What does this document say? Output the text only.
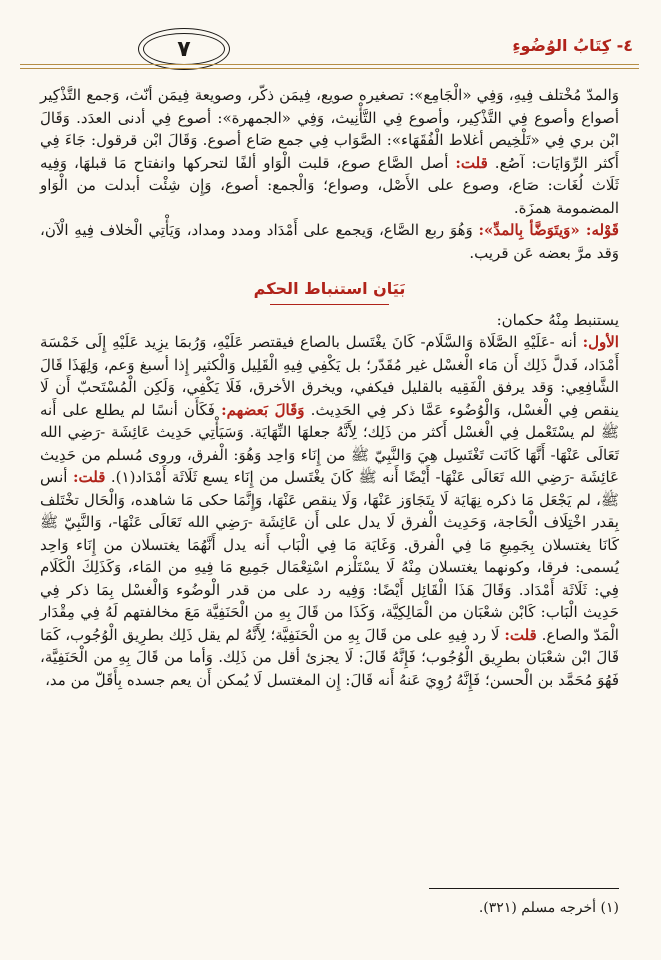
٤- كِتَابُ الوُضُوءِ
٧

وَالمدّ مُخْتلف فِيهِ، وَفِي «الْجَامِع»: تصغيره صويع، فِيمَن ذكّر، وصويعة فِيمَن أنّث، وَجمع التَّذْكِير أصواع وأصوع فِي التَّذْكِير، وأصوع فِي التَّأْنِيث، وَفِي «الجمهرة»: أصوع فِي أدنى العدَد. وَقَالَ ابْن بري فِي «تَلْخِيص أغلاط الْفُقَهَاء»: الصَّوَاب فِي جمع صَاع أصوع. وَقَالَ ابْن قرقول: جَاءَ فِي أَكثر الرِّوَايَات: آصُع. قلت: أصل الصَّاع صوع، قلبت الْوَاو ألفًا لتحركها وانفتاح مَا قبلهَا، وَفِيه ثَلَاث لُغَات: صَاع، وصوع على الأَصْل، وصواع؛ وَالْجمع: أصوع، وَإِن شِئْت أبدلت من الْوَاو المضمومة همزَة.

قَوْله: «وَيتَوَضَّأ بِالمدِّ»: وَهُوَ ربع الصَّاع، وَيجمع على أَمْدَاد ومدد ومداد، وَيَأْتِي الْخلاف فِيهِ الْآن، وَقد مرَّ بعضه عَن قريب.

بَيَان استنباط الحكم

يستنبط مِنْهُ حكمان:

الأول: أنه -عَلَيْهِ الصَّلَاة وَالسَّلَام- كَانَ يغْتَسل بالصاع فيقتصر عَلَيْهِ، وَرُبمَا يزِيد عَلَيْهِ إِلَى خَمْسَة أَمْدَاد، فَدلَّ ذَلِك أَن مَاء الْغسْل غير مُقَدّر؛ بل يَكْفِي فِيهِ الْقَلِيل وَالْكثير إِذا أسبغ وَعم، وَلِهَذَا قَالَ الشَّافِعِي: وَقد يرفق الْفَقِيه بالقليل فيكفي، ويخرق الأخرق، فَلَا يَكْفِي، وَلَكِن الْمُسْتَحبّ أَن لَا ينقص فِي الْغسْل، وَالْوُضُوء عَمَّا ذكر فِي الحَدِيث. وَقَالَ بَعضهم: فَكَأَن أنسًا لم يطلع على أَنه ﷺ لم يسْتَعْمل فِي الْغسْل أَكثر من ذَلِك؛ لِأَنَّهُ جعلهَا النِّهَايَة. وَسَيَأْتِي حَدِيث عَائِشَة -رَضِي الله تَعَالَى عَنْهَا- أَنَّهَا كَانَت تَغْتَسِل هِيَ وَالنَّبِيّ ﷺ من إِنَاء وَاحِد وَهُوَ: الْفرق، وروى مُسلم من حَدِيث عَائِشَة -رَضِي الله تَعَالَى عَنْهَا- أَيْضًا أَنه ﷺ كَانَ يغْتَسل من إِنَاء يسع ثَلَاثَة أَمْدَاد(١). قلت: أنس ﷺ، لم يَجْعَل مَا ذكره نِهَايَة لَا يتَجَاوَز عَنْهَا، وَلَا ينقص عَنْهَا، وَإِنَّمَا حكى مَا شاهده، وَالْحَال تخْتَلف بِقدر اخْتِلَاف الْحَاجة، وَحَدِيث الْفرق لَا يدل على أَن عَائِشَة -رَضِي الله تَعَالَى عَنْهَا-، وَالنَّبِيّ ﷺ كَانَا يغتسلان بِجَمِيعِ مَا فِي الْفرق. وَغَايَة مَا فِي الْبَاب أَنه يدل أَنَّهُمَا يغتسلان من إِنَاء وَاحِد يُسمى: فرقا، وكونهما يغتسلان مِنْهُ لَا يسْتَلْزم اسْتِعْمَال جَمِيع مَا فِيهِ من المَاء، وَكَذَلِكَ الْكَلَام فِي: ثَلَاثَة أَمْدَاد. وَقَالَ هَذَا الْقَائِل أَيْضًا: وَفِيه رد على من قدر الْوضُوء وَالْغسْل بِمَا ذكر فِي حَدِيث الْبَاب: كَابْن شعْبَان من الْمَالِكِيَّة، وَكَذَا من قَالَ بِهِ من الْحَنَفِيَّة مَعَ مخالفتهم لَهُ فِي مِقْدَار الْمَدّ والصاع. قلت: لَا رد فِيهِ على من قَالَ بِهِ من الْحَنَفِيَّة؛ لِأَنَّهُ لم يقل ذَلِك بطرِيق الْوُجُوب، كَمَا قَالَ ابْن شعْبَان بطرِيق الْوُجُوب؛ فَإِنَّهُ قَالَ: لَا يجزئ أقل من ذَلِك. وَأما من قَالَ بِهِ من الْحَنَفِيَّة، فَهُوَ مُحَمَّد بن الْحسن؛ فَإِنَّهُ رُوِيَ عَنهُ أَنه قَالَ: إِن المغتسل لَا يُمكن أَن يعم جسده بِأَقَلّ من مد،

(١) أخرجه مسلم (٣٢١).
